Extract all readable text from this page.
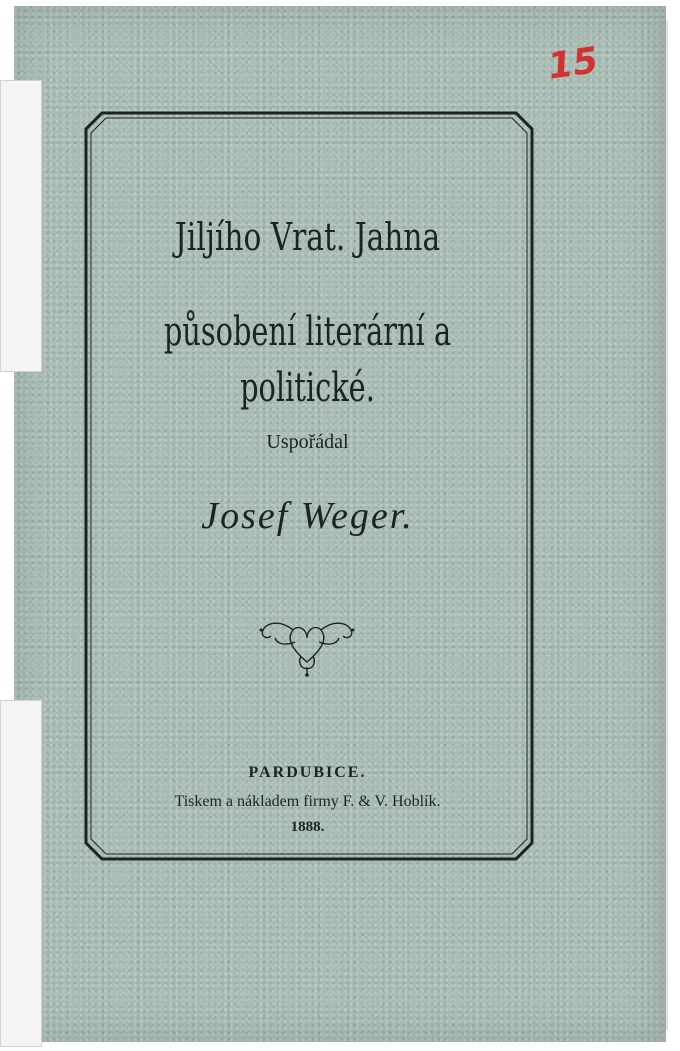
15
Jiljího Vrat. Jahna
působení literární a politické.
Uspořádal
Josef Weger.
PARDUBICE.
Tiskem a nákladem firmy F. & V. Hoblík.
1888.
